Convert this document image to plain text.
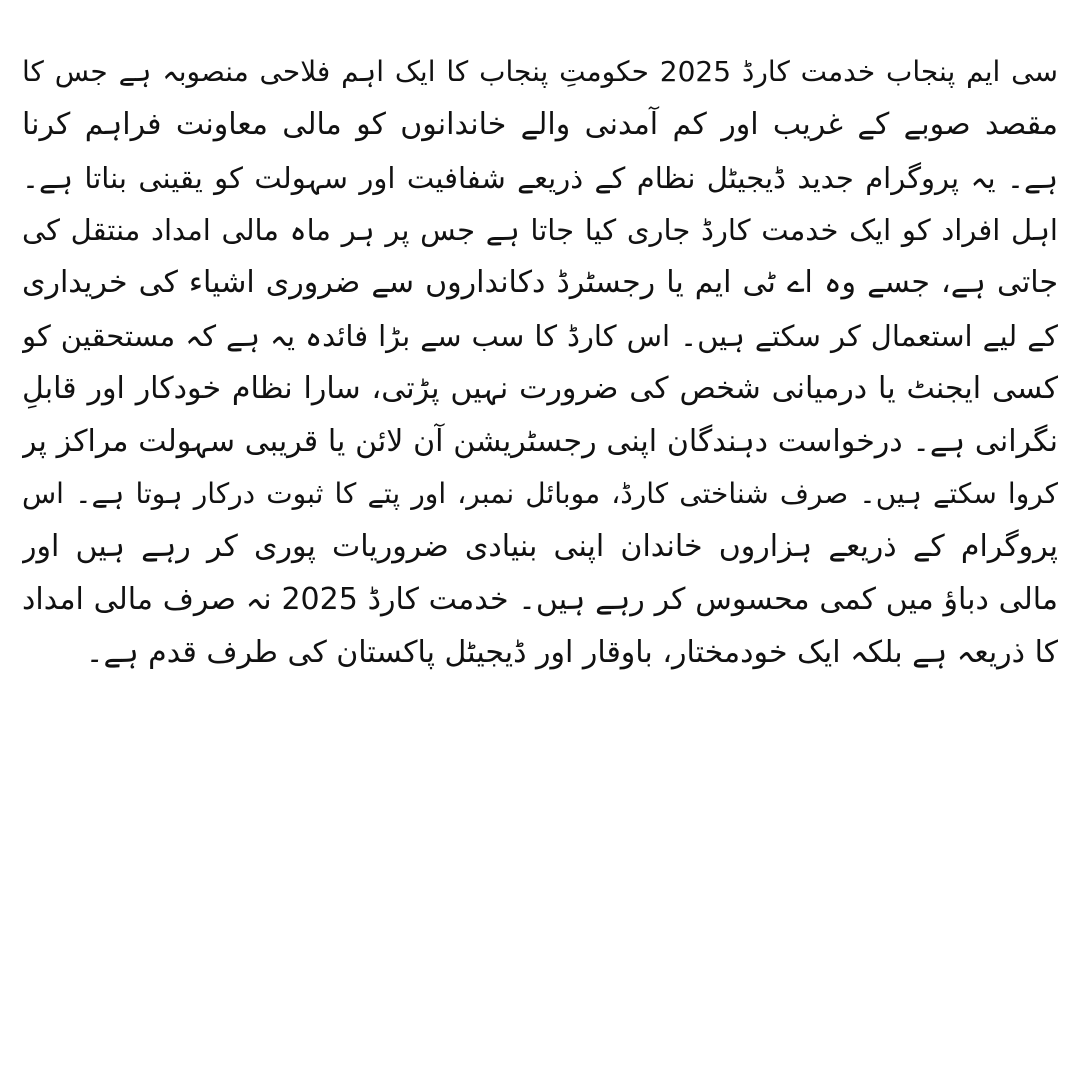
سی ایم پنجاب خدمت کارڈ 2025 حکومتِ پنجاب کا ایک اہم فلاحی منصوبہ ہے جس کا
مقصد صوبے کے غریب اور کم آمدنی والے خاندانوں کو مالی معاونت فراہم کرنا
ہے۔ یہ پروگرام جدید ڈیجیٹل نظام کے ذریعے شفافیت اور سہولت کو یقینی بناتا ہے۔
اہل افراد کو ایک خدمت کارڈ جاری کیا جاتا ہے جس پر ہر ماہ مالی امداد منتقل کی
جاتی ہے، جسے وہ اے ٹی ایم یا رجسٹرڈ دکانداروں سے ضروری اشیاء کی خریداری
کے لیے استعمال کر سکتے ہیں۔ اس کارڈ کا سب سے بڑا فائدہ یہ ہے کہ مستحقین کو
کسی ایجنٹ یا درمیانی شخص کی ضرورت نہیں پڑتی، سارا نظام خودکار اور قابلِ
نگرانی ہے۔ درخواست دہندگان اپنی رجسٹریشن آن لائن یا قریبی سہولت مراکز پر
کروا سکتے ہیں۔ صرف شناختی کارڈ، موبائل نمبر، اور پتے کا ثبوت درکار ہوتا ہے۔ اس
پروگرام کے ذریعے ہزاروں خاندان اپنی بنیادی ضروریات پوری کر رہے ہیں اور
مالی دباؤ میں کمی محسوس کر رہے ہیں۔ خدمت کارڈ 2025 نہ صرف مالی امداد
کا ذریعہ ہے بلکہ ایک خودمختار، باوقار اور ڈیجیٹل پاکستان کی طرف قدم ہے۔
